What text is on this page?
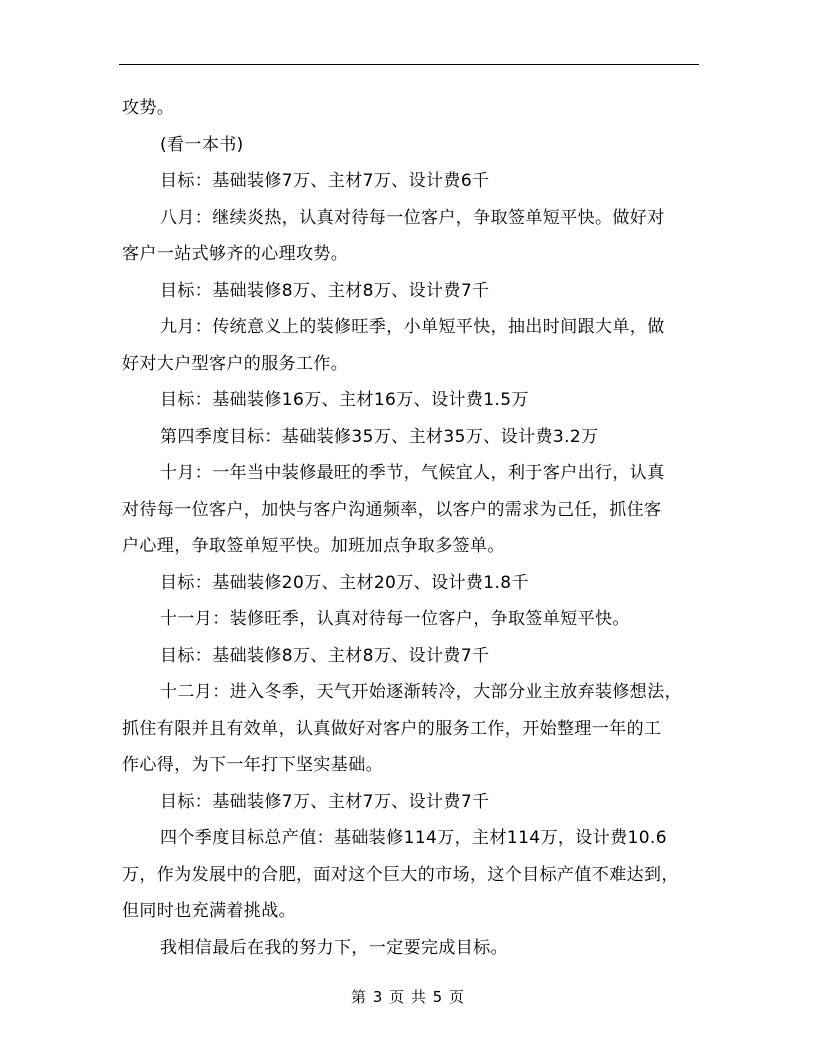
攻势。
(看一本书)
目标：基础装修7万、主材7万、设计费6千
八月：继续炎热，认真对待每一位客户，争取签单短平快。做好对
客户一站式够齐的心理攻势。
目标：基础装修8万、主材8万、设计费7千
九月：传统意义上的装修旺季，小单短平快，抽出时间跟大单，做
好对大户型客户的服务工作。
目标：基础装修16万、主材16万、设计费1.5万
第四季度目标：基础装修35万、主材35万、设计费3.2万
十月：一年当中装修最旺的季节，气候宜人，利于客户出行，认真
对待每一位客户，加快与客户沟通频率，以客户的需求为己任，抓住客
户心理，争取签单短平快。加班加点争取多签单。
目标：基础装修20万、主材20万、设计费1.8千
十一月：装修旺季，认真对待每一位客户，争取签单短平快。
目标：基础装修8万、主材8万、设计费7千
十二月：进入冬季，天气开始逐渐转冷，大部分业主放弃装修想法，
抓住有限并且有效单，认真做好对客户的服务工作，开始整理一年的工
作心得，为下一年打下坚实基础。
目标：基础装修7万、主材7万、设计费7千
四个季度目标总产值：基础装修114万，主材114万，设计费10.6
万，作为发展中的合肥，面对这个巨大的市场，这个目标产值不难达到，
但同时也充满着挑战。
我相信最后在我的努力下，一定要完成目标。
第 3 页 共 5 页
